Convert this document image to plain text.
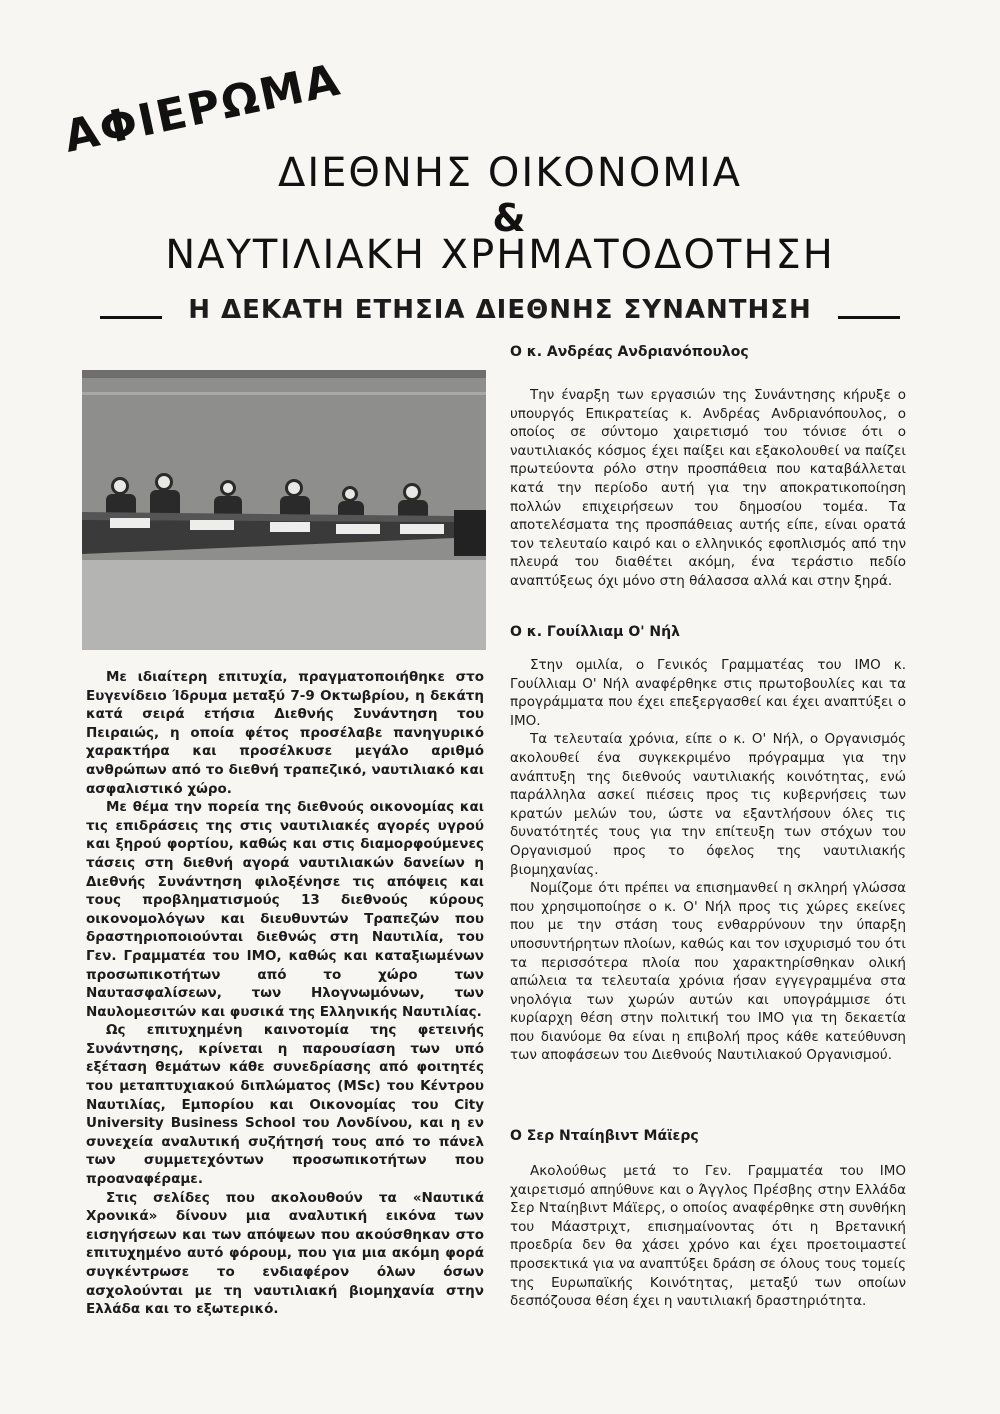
ΑΦΙΕΡΩΜΑ
ΔΙΕΘΝΗΣ ΟΙΚΟΝΟΜΙΑ
&
ΝΑΥΤΙΛΙΑΚΗ ΧΡΗΜΑΤΟΔΟΤΗΣΗ
Η ΔΕΚΑΤΗ ΕΤΗΣΙΑ ΔΙΕΘΝΗΣ ΣΥΝΑΝΤΗΣΗ

Με ιδιαίτερη επιτυχία, πραγματοποιήθηκε στο Ευγενίδειο Ίδρυμα μεταξύ 7-9 Οκτωβρίου, η δεκάτη κατά σειρά ετήσια Διεθνής Συνάντηση του Πειραιώς, η οποία φέτος προσέλαβε πανηγυρικό χαρακτήρα και προσέλκυσε μεγάλο αριθμό ανθρώπων από το διεθνή τραπεζικό, ναυτιλιακό και ασφαλιστικό χώρο.

Με θέμα την πορεία της διεθνούς οικονομίας και τις επιδράσεις της στις ναυτιλιακές αγορές υγρού και ξηρού φορτίου, καθώς και στις διαμορφούμενες τάσεις στη διεθνή αγορά ναυτιλιακών δανείων η Διεθνής Συνάντηση φιλοξένησε τις απόψεις και τους προβληματισμούς 13 διεθνούς κύρους οικονομολόγων και διευθυντών Τραπεζών που δραστηριοποιούνται διεθνώς στη Ναυτιλία, του Γεν. Γραμματέα του ΙΜΟ, καθώς και καταξιωμένων προσωπικοτήτων από το χώρο των Ναυτασφαλίσεων, των Ηλογνωμόνων, των Ναυλομεσιτών και φυσικά της Ελληνικής Ναυτιλίας.

Ως επιτυχημένη καινοτομία της φετεινής Συνάντησης, κρίνεται η παρουσίαση των υπό εξέταση θεμάτων κάθε συνεδρίασης από φοιτητές του μεταπτυχιακού διπλώματος (MSc) του Κέντρου Ναυτιλίας, Εμπορίου και Οικονομίας του City University Business School του Λονδίνου, και η εν συνεχεία αναλυτική συζήτησή τους από το πάνελ των συμμετεχόντων προσωπικοτήτων που προαναφέραμε.

Στις σελίδες που ακολουθούν τα «Ναυτικά Χρονικά» δίνουν μια αναλυτική εικόνα των εισηγήσεων και των απόψεων που ακούσθηκαν στο επιτυχημένο αυτό φόρουμ, που για μια ακόμη φορά συγκέντρωσε το ενδιαφέρον όλων όσων ασχολούνται με τη ναυτιλιακή βιομηχανία στην Ελλάδα και το εξωτερικό.

Ο κ. Ανδρέας Ανδριανόπουλος

Την έναρξη των εργασιών της Συνάντησης κήρυξε ο υπουργός Επικρατείας κ. Ανδρέας Ανδριανόπουλος, ο οποίος σε σύντομο χαιρετισμό του τόνισε ότι ο ναυτιλιακός κόσμος έχει παίξει και εξακολουθεί να παίζει πρωτεύοντα ρόλο στην προσπάθεια που καταβάλλεται κατά την περίοδο αυτή για την αποκρατικοποίηση πολλών επιχειρήσεων του δημοσίου τομέα. Τα αποτελέσματα της προσπάθειας αυτής είπε, είναι ορατά τον τελευταίο καιρό και ο ελληνικός εφοπλισμός από την πλευρά του διαθέτει ακόμη, ένα τεράστιο πεδίο αναπτύξεως όχι μόνο στη θάλασσα αλλά και στην ξηρά.

Ο κ. Γουίλλιαμ Ο' Νήλ

Στην ομιλία, ο Γενικός Γραμματέας του ΙΜΟ κ. Γουίλλιαμ Ο' Νήλ αναφέρθηκε στις πρωτοβουλίες και τα προγράμματα που έχει επεξεργασθεί και έχει αναπτύξει ο ΙΜΟ.

Τα τελευταία χρόνια, είπε ο κ. Ο' Νήλ, ο Οργανισμός ακολουθεί ένα συγκεκριμένο πρόγραμμα για την ανάπτυξη της διεθνούς ναυτιλιακής κοινότητας, ενώ παράλληλα ασκεί πιέσεις προς τις κυβερνήσεις των κρατών μελών του, ώστε να εξαντλήσουν όλες τις δυνατότητές τους για την επίτευξη των στόχων του Οργανισμού προς το όφελος της ναυτιλιακής βιομηχανίας.

Νομίζομε ότι πρέπει να επισημανθεί η σκληρή γλώσσα που χρησιμοποίησε ο κ. Ο' Νήλ προς τις χώρες εκείνες που με την στάση τους ενθαρρύνουν την ύπαρξη υποσυντήρητων πλοίων, καθώς και τον ισχυρισμό του ότι τα περισσότερα πλοία που χαρακτηρίσθηκαν ολική απώλεια τα τελευταία χρόνια ήσαν εγγεγραμμένα στα νηολόγια των χωρών αυτών και υπογράμμισε ότι κυρίαρχη θέση στην πολιτική του ΙΜΟ για τη δεκαετία που διανύομε θα είναι η επιβολή προς κάθε κατεύθυνση των αποφάσεων του Διεθνούς Ναυτιλιακού Οργανισμού.

Ο Σερ Νταίηβιντ Μάϊερς

Ακολούθως μετά το Γεν. Γραμματέα του ΙΜΟ χαιρετισμό απηύθυνε και ο Άγγλος Πρέσβης στην Ελλάδα Σερ Νταίηβιντ Μάϊερς, ο οποίος αναφέρθηκε στη συνθήκη του Μάαστριχτ, επισημαίνοντας ότι η Βρετανική προεδρία δεν θα χάσει χρόνο και έχει προετοιμαστεί προσεκτικά για να αναπτύξει δράση σε όλους τους τομείς της Ευρωπαϊκής Κοινότητας, μεταξύ των οποίων δεσπόζουσα θέση έχει η ναυτιλιακή δραστηριότητα.
